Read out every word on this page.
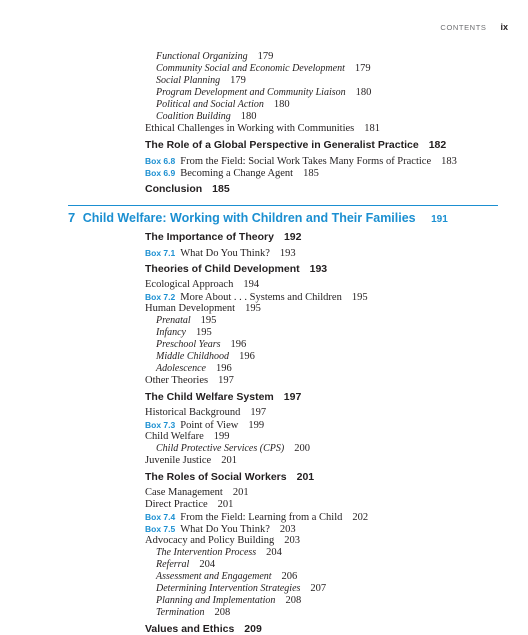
CONTENTS ix
Functional Organizing 179
Community Social and Economic Development 179
Social Planning 179
Program Development and Community Liaison 180
Political and Social Action 180
Coalition Building 180
Ethical Challenges in Working with Communities 181
The Role of a Global Perspective in Generalist Practice 182
Box 6.8 From the Field: Social Work Takes Many Forms of Practice 183
Box 6.9 Becoming a Change Agent 185
Conclusion 185
7 Child Welfare: Working with Children and Their Families 191
The Importance of Theory 192
Box 7.1 What Do You Think? 193
Theories of Child Development 193
Ecological Approach 194
Box 7.2 More About . . . Systems and Children 195
Human Development 195
Prenatal 195
Infancy 195
Preschool Years 196
Middle Childhood 196
Adolescence 196
Other Theories 197
The Child Welfare System 197
Historical Background 197
Box 7.3 Point of View 199
Child Welfare 199
Child Protective Services (CPS) 200
Juvenile Justice 201
The Roles of Social Workers 201
Case Management 201
Direct Practice 201
Box 7.4 From the Field: Learning from a Child 202
Box 7.5 What Do You Think? 203
Advocacy and Policy Building 203
The Intervention Process 204
Referral 204
Assessment and Engagement 206
Determining Intervention Strategies 207
Planning and Implementation 208
Termination 208
Values and Ethics 209
